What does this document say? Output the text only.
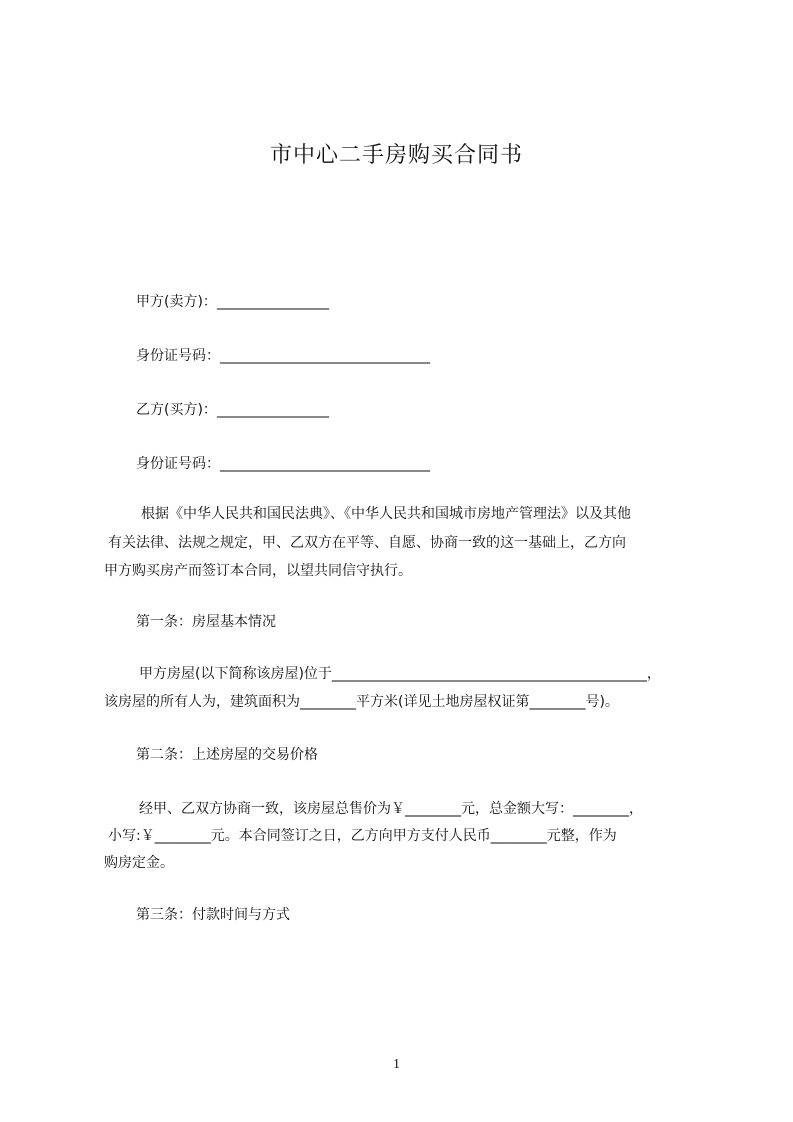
市中心二手房购买合同书
甲方(卖方)：________________
身份证号码：______________________________
乙方(买方)：________________
身份证号码：______________________________
根据《中华人民共和国民法典》、《中华人民共和国城市房地产管理法》以及其他
有关法律、法规之规定，甲、乙双方在平等、自愿、协商一致的这一基础上，乙方向
甲方购买房产而签订本合同，以望共同信守执行。
第一条：房屋基本情况
甲方房屋(以下简称该房屋)位于_____________________________________________，
该房屋的所有人为，建筑面积为________平方米(详见土地房屋权证第________号)。
第二条：上述房屋的交易价格
经甲、乙双方协商一致，该房屋总售价为￥________元，总金额大写：________，
小写:￥________元。本合同签订之日，乙方向甲方支付人民币________元整，作为
购房定金。
第三条：付款时间与方式
1
